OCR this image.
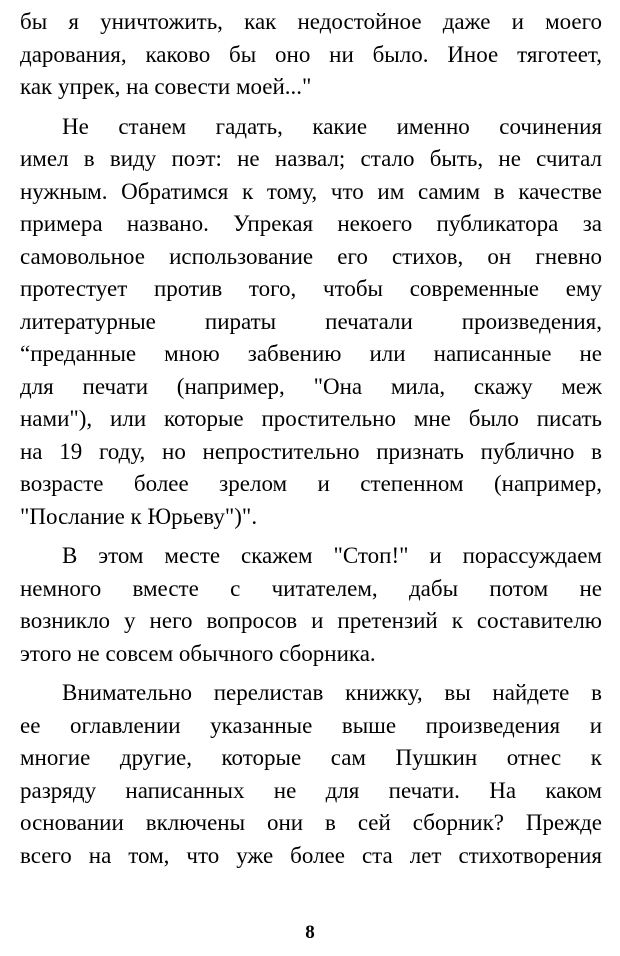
бы я уничтожить, как недостойное даже и моего
дарования, каково бы оно ни было. Иное тяготеет,
как упрек, на совести моей..."
Не станем гадать, какие именно сочинения
имел в виду поэт: не назвал; стало быть, не считал
нужным. Обратимся к тому, что им самим в качестве
примера названо. Упрекая некоего публикатора за
самовольное использование его стихов, он гневно
протестует против того, чтобы современные ему
литературные пираты печатали произведения,
“преданные мною забвению или написанные не
для печати (например, "Она мила, скажу меж
нами"), или которые простительно мне было писать
на 19 году, но непростительно признать публично в
возрасте более зрелом и степенном (например,
"Послание к Юрьеву")".
В этом месте скажем "Стоп!" и порассуждаем
немного вместе с читателем, дабы потом не
возникло у него вопросов и претензий к составителю
этого не совсем обычного сборника.
Внимательно перелистав книжку, вы найдете в
ее оглавлении указанные выше произведения и
многие другие, которые сам Пушкин отнес к
разряду написанных не для печати. На каком
основании включены они в сей сборник? Прежде
всего на том, что уже более ста лет стихотворения
8
